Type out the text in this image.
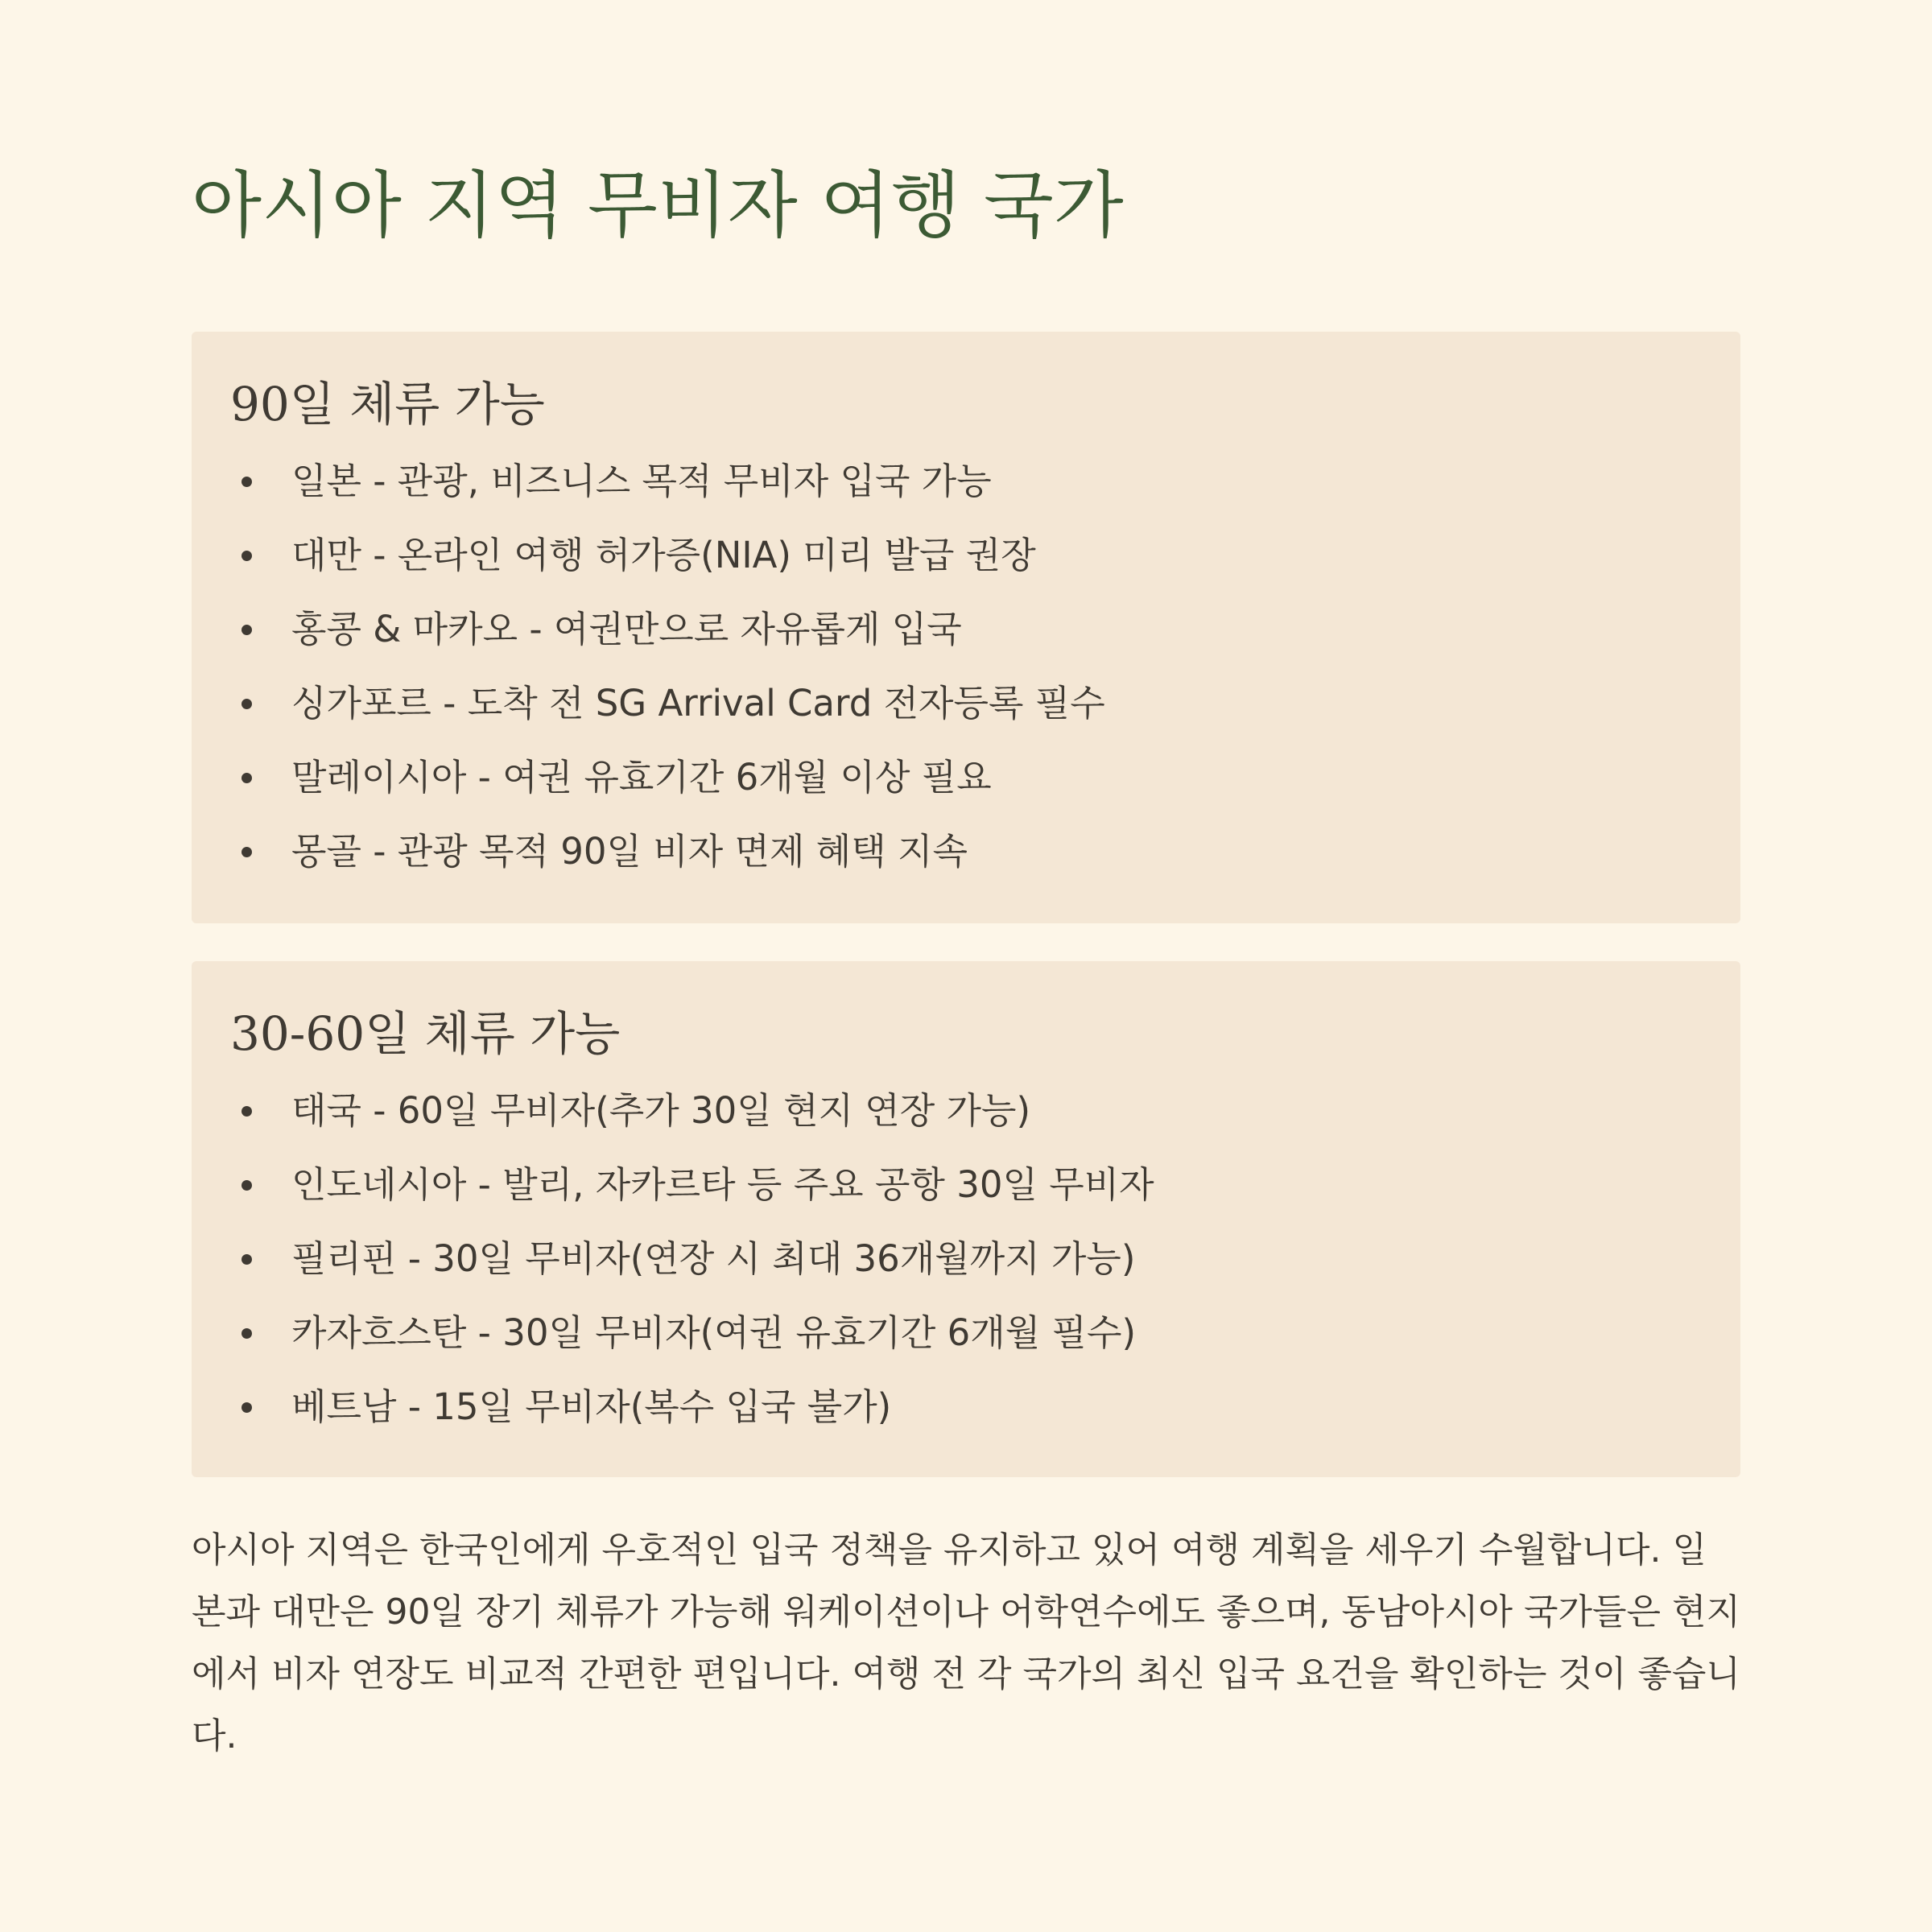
아시아 지역 무비자 여행 국가
90일 체류 가능
일본 - 관광, 비즈니스 목적 무비자 입국 가능
대만 - 온라인 여행 허가증(NIA) 미리 발급 권장
홍콩 & 마카오 - 여권만으로 자유롭게 입국
싱가포르 - 도착 전 SG Arrival Card 전자등록 필수
말레이시아 - 여권 유효기간 6개월 이상 필요
몽골 - 관광 목적 90일 비자 면제 혜택 지속
30-60일 체류 가능
태국 - 60일 무비자(추가 30일 현지 연장 가능)
인도네시아 - 발리, 자카르타 등 주요 공항 30일 무비자
필리핀 - 30일 무비자(연장 시 최대 36개월까지 가능)
카자흐스탄 - 30일 무비자(여권 유효기간 6개월 필수)
베트남 - 15일 무비자(복수 입국 불가)

아시아 지역은 한국인에게 우호적인 입국 정책을 유지하고 있어 여행 계획을 세우기 수월합니다. 일본과 대만은 90일 장기 체류가 가능해 워케이션이나 어학연수에도 좋으며, 동남아시아 국가들은 현지에서 비자 연장도 비교적 간편한 편입니다. 여행 전 각 국가의 최신 입국 요건을 확인하는 것이 좋습니다.
